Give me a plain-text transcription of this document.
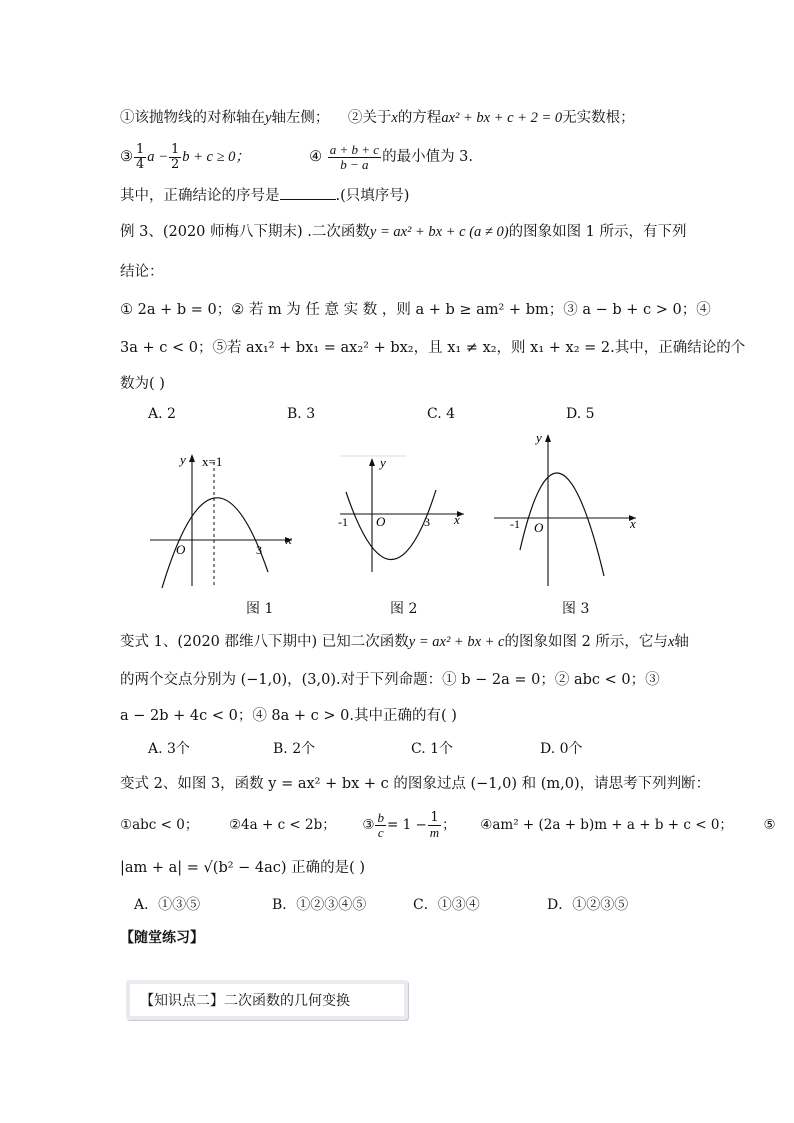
①该抛物线的对称轴在y轴左侧； ②关于x的方程ax² + bx + c + 2 = 0无实数根；
③ $\frac{1}{4}$ $a - \frac{1}{2}$ b + c ≥ 0；	④ $\frac{a + b + c}{b - a}$ 的最小值为 3.
其中，正确结论的序号是	.(只填序号)
例 3、(2020 师梅八下期末) .二次函数y = ax² + bx + c (a ≠ 0)的图象如图 1 所示，有下列
结论：
① 2a + b = 0；② 若 m 为 任 意 实 数 ，则 a + b ≥ am² + bm；③ a − b + c > 0；④
3a + c < 0；⑤若 ax₁² + bx₁ = ax₂² + bx₂，且 x₁ ≠ x₂，则 x₁ + x₂ = 2.其中，正确结论的个
数为( )
A. 2	B. 3	C. 4	D. 5
y x=1
x
O	3
y
x
-1 O	3
y
x
-1 O
图 1	图 2	图 3
变式 1、(2020 郡维八下期中) 已知二次函数y = ax² + bx + c的图象如图 2 所示，它与x轴
的两个交点分别为 (−1,0)，(3,0).对于下列命题：① b − 2a = 0；② abc < 0；③
a − 2b + 4c < 0；④ 8a + c > 0.其中正确的有( )
A. 3个	B. 2个	C. 1个	D. 0个
变式 2、如图 3，函数 y = ax² + bx + c 的图象过点 (−1,0) 和 (m,0)，请思考下列判断：
①abc < 0； ②4a + c < 2b； ③ $\frac{b}{c} = 1 - \frac{1}{m}$ ； ④am² + (2a + b)m + a + b + c < 0； ⑤
|am + a| = √(b² − 4ac) 正确的是( )
A．①③⑤	B．①②③④⑤	C．①③④	D．①②③⑤
【随堂练习】
【知识点二】二次函数的几何变换
